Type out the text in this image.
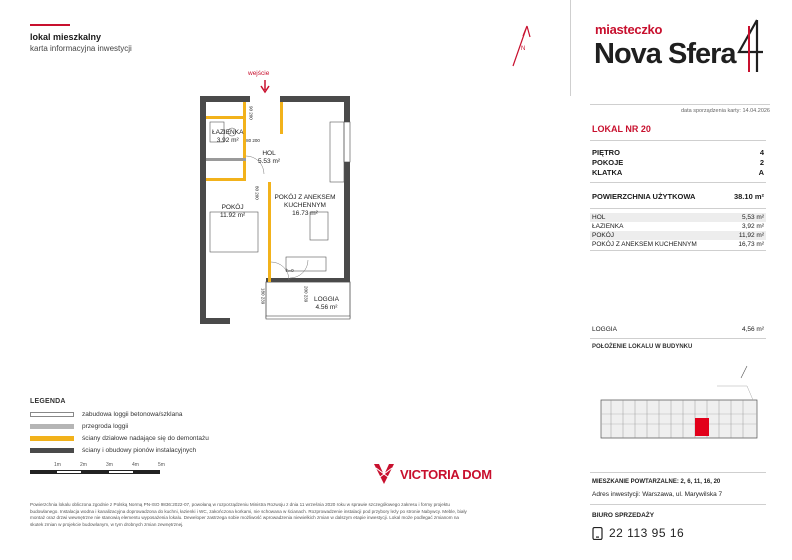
lokal mieszkalny
karta informacyjna inwestycji
wejście
ŁAZIENKA
3.92 m²
HOL
5.53 m²
POKÓJ Z ANEKSEM KUCHENNYM
16.73 m²
POKÓJ
11.92 m²
LOGGIA
4.56 m²
90 200
80 200
80 200
200 239
180 239
h=0
N
LEGENDA
zabudowa loggii betonowa/szklana
przegroda loggii
ściany działowe nadające się do demontażu
ściany i obudowy pionów instalacyjnych
1m	2m	3m	4m	5m
VICTORIA DOM
Powierzchnia lokalu obliczona zgodnie z Polską Normą PN-ISO 9836:2022-07, powołaną w rozporządzeniu Ministra Rozwoju z dnia 11 września 2020 roku w sprawie szczegółowego zakresu i formy projektu budowlanego. Instalacja wodna i kanalizacyjna doprowadzona do kuchni, łazienki i WC, zakończona korkami, nie schowana w ścianach. Rozprowadzenie instalacji pod przybory leży po stronie Nabywcy. Meble, biały montaż oraz drzwi wewnętrzne nie stanowią elementu wyposażenia lokalu. Deweloper zastrzega sobie możliwość wprowadzenia niewielkich zmian w dalszym etapie inwestycji. Lokal może podlegać zmianom na skutek zmian w projekcie budowlanym, w tym drobnych zmian zewnętrznej.
miasteczko
Nova Sfera	4
data sporządzenia karty: 14.04.2026
LOKAL NR 20
PIĘTRO	4
POKOJE	2
KLATKA	A
POWIERZCHNIA UŻYTKOWA	38.10 m²
HOL	5,53 m²
ŁAZIENKA	3,92 m²
POKÓJ	11,92 m²
POKÓJ Z ANEKSEM KUCHENNYM	16,73 m²
LOGGIA	4,56 m²
POŁOŻENIE LOKALU W BUDYNKU
MIESZKANIE POWTARZALNE: 2, 6, 11, 16, 20
Adres inwestycji: Warszawa, ul. Marywilska 7
BIURO SPRZEDAŻY
22 113 95 16
